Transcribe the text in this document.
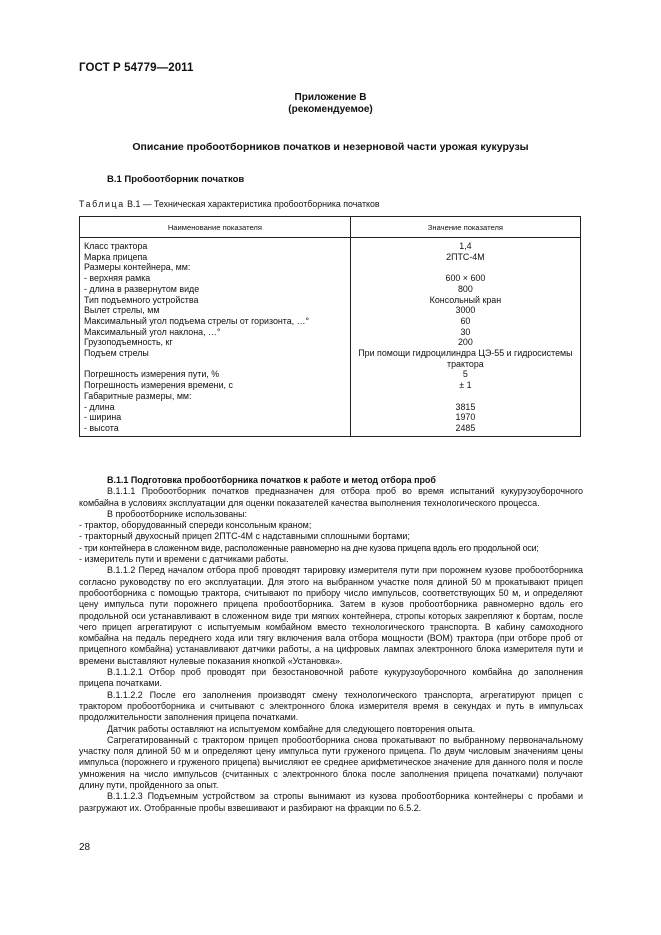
ГОСТ Р 54779—2011
Приложение В
(рекомендуемое)
Описание пробоотборников початков и незерновой части урожая кукурузы
В.1 Пробоотборник початков
Таблица В.1 — Техническая характеристика пробоотборника початков
Наименование показателя	Значение показателя
Класс трактора	1,4
Марка прицепа	2ПТС-4М
Размеры контейнера, мм:	
- верхняя рамка	600 × 600
- длина в развернутом виде	800
Тип подъемного устройства	Консольный кран
Вылет стрелы, мм	3000
Максимальный угол подъема стрелы от горизонта, …°	60
Максимальный угол наклона, …°	30
Грузоподъемность, кг	200
Подъем стрелы	При помощи гидроцилиндра ЦЭ-55 и гидросистемы трактора
Погрешность измерения пути, %	5
Погрешность измерения времени, с	± 1
Габаритные размеры, мм:	
- длина	3815
- ширина	1970
- высота	2485

В.1.1 Подготовка пробоотборника початков к работе и метод отбора проб

В.1.1.1 Пробоотборник початков предназначен для отбора проб во время испытаний кукурузоуборочного комбайна в условиях эксплуатации для оценки показателей качества выполнения технологического процесса.

В пробоотборнике использованы:

- трактор, оборудованный спереди консольным краном;

- тракторный двухосный прицеп 2ПТС-4М с надставными сплошными бортами;

- три контейнера в сложенном виде, расположенные равномерно на дне кузова прицепа вдоль его продольной оси;

- измеритель пути и времени с датчиками работы.

В.1.1.2 Перед началом отбора проб проводят тарировку измерителя пути при порожнем кузове пробоотборника согласно руководству по его эксплуатации. Для этого на выбранном участке поля длиной 50 м прокатывают прицеп пробоотборника с помощью трактора, считывают по прибору число импульсов, соответствующих 50 м, и определяют цену импульса пути порожнего прицепа пробоотборника. Затем в кузов пробоотборника равномерно вдоль его продольной оси устанавливают в сложенном виде три мягких контейнера, стропы которых закрепляют к бортам, после чего прицеп агрегатируют с испытуемым комбайном вместо технологического транспорта. В кабину самоходного комбайна на педаль переднего хода или тягу включения вала отбора мощности (ВОМ) трактора (при отборе проб от прицепного комбайна) устанавливают датчики работы, а на цифровых лампах электронного блока измерителя пути и времени выставляют нулевые показания кнопкой «Установка».

В.1.1.2.1 Отбор проб проводят при безостановочной работе кукурузоуборочного комбайна до заполнения прицепа початками.

В.1.1.2.2 После его заполнения производят смену технологического транспорта, агрегатируют прицеп с трактором пробоотборника и считывают с электронного блока измерителя время в секундах и путь в импульсах продолжительности заполнения прицепа початками.

Датчик работы оставляют на испытуемом комбайне для следующего повторения опыта.

Сагрегатированный с трактором прицеп пробоотборника снова прокатывают по выбранному первоначальному участку поля длиной 50 м и определяют цену импульса пути груженого прицепа. По двум числовым значениям цены импульса (порожнего и груженого прицепа) вычисляют ее среднее арифметическое значение для данного поля и после умножения на число импульсов (считанных с электронного блока после заполнения прицепа початками) получают длину пути, пройденного за опыт.

В.1.1.2.3 Подъемным устройством за стропы вынимают из кузова пробоотборника контейнеры с пробами и разгружают их. Отобранные пробы взвешивают и разбирают на фракции по 6.5.2.

28
